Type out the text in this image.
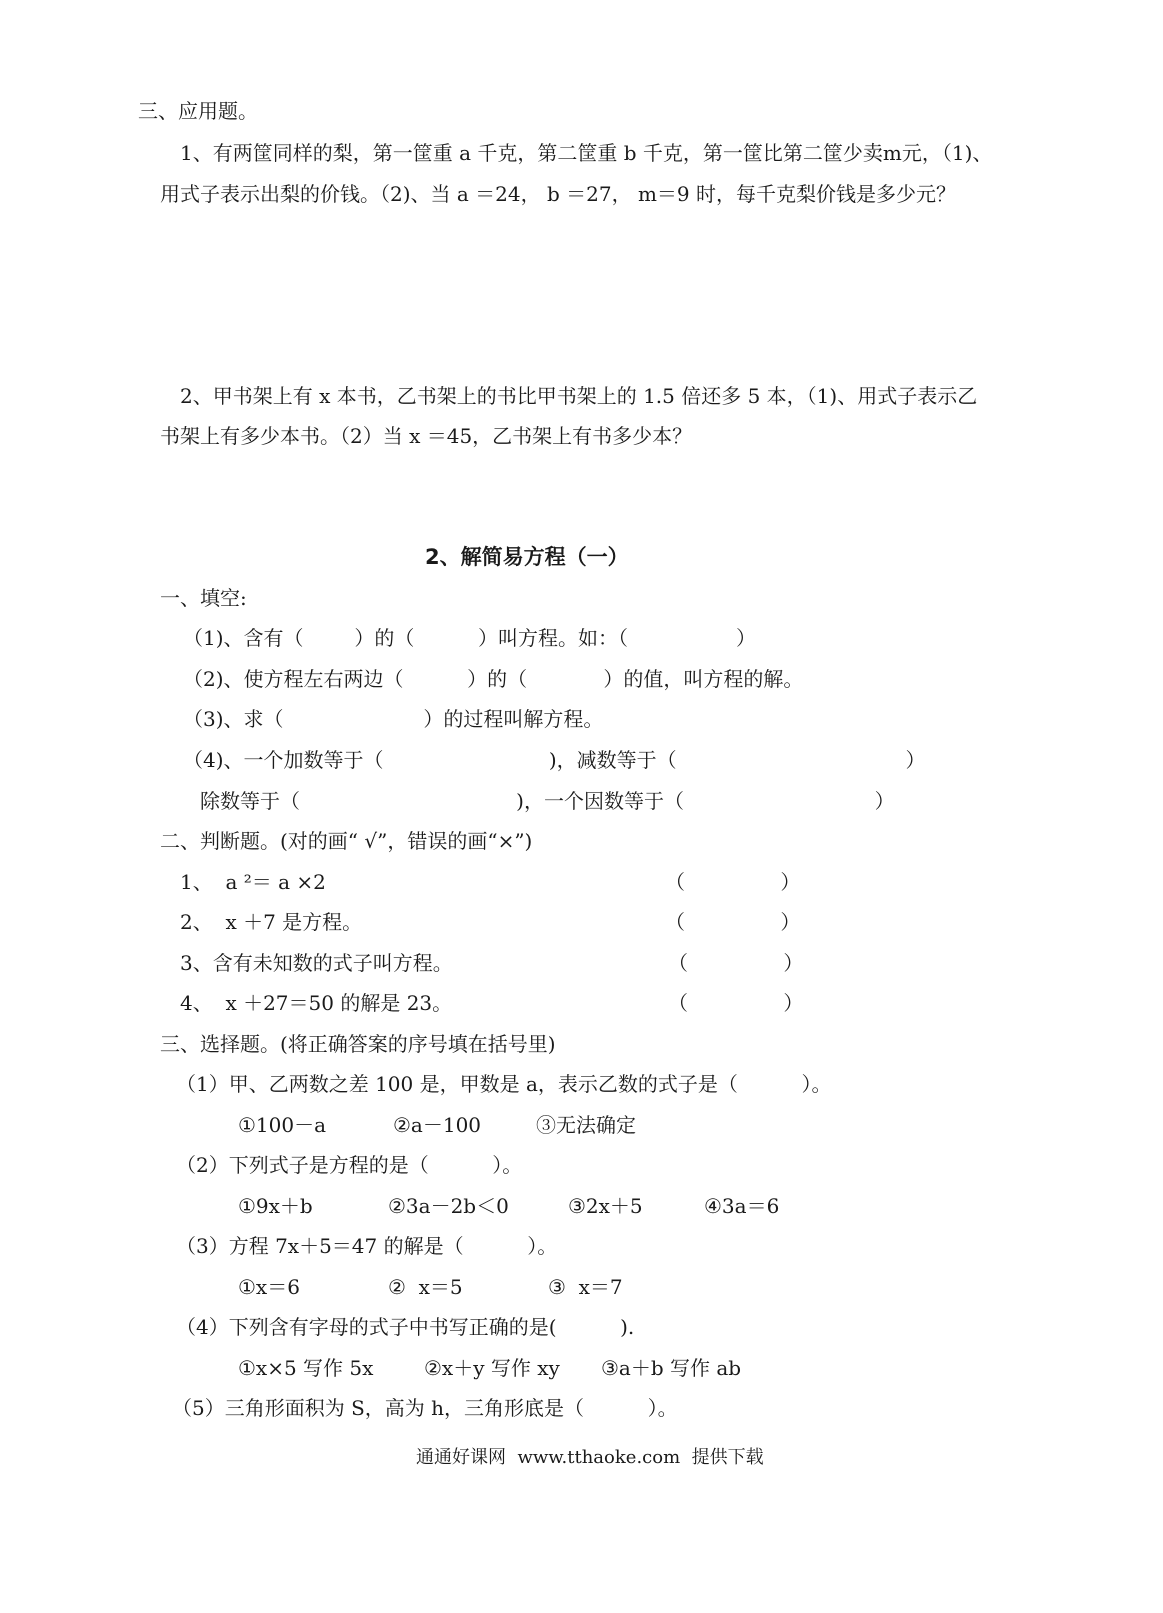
三、应用题。
1、有两筐同样的梨，第一筐重 a 千克，第二筐重 b 千克，第一筐比第二筐少卖m元，（1)、
用式子表示出梨的价钱。（2)、当 a ＝24， b ＝27， m＝9 时，每千克梨价钱是多少元？
2、甲书架上有 x 本书，乙书架上的书比甲书架上的 1.5 倍还多 5 本，（1)、用式子表示乙
书架上有多少本书。（2）当 x ＝45，乙书架上有书多少本？
2、解简易方程（一）
一、填空:
（1)、含有（        ）的（          ）叫方程。如：（                 ）
（2)、使方程左右两边（          ）的（            ）的值，叫方程的解。
（3)、求（                      ）的过程叫解方程。
（4)、一个加数等于（                          )，减数等于（                                    ）
除数等于（                                  )，一个因数等于（                              ）
二、判断题。(对的画“ √”，错误的画“×”)
1、  a ²＝ a ×2	（               ）
2、  x ＋7 是方程。	（               ）
3、含有未知数的式子叫方程。	（               ）
4、  x ＋27＝50 的解是 23。	（               ）
三、选择题。(将正确答案的序号填在括号里)
（1）甲、乙两数之差 100 是，甲数是 a，表示乙数的式子是（          ）。
①100－a	②a－100	③无法确定
（2）下列式子是方程的是（          ）。
①9x＋b	②3a－2b＜0	③2x＋5	④3a＝6
（3）方程 7x＋5＝47 的解是（          ）。
①x＝6	②  x＝5	③  x＝7
（4）下列含有字母的式子中书写正确的是(          ).
①x×5 写作 5x	②x＋y 写作 xy ③a＋b 写作 ab
（5）三角形面积为 S，高为 h，三角形底是（          ）。
通通好课网  www.tthaoke.com  提供下载
